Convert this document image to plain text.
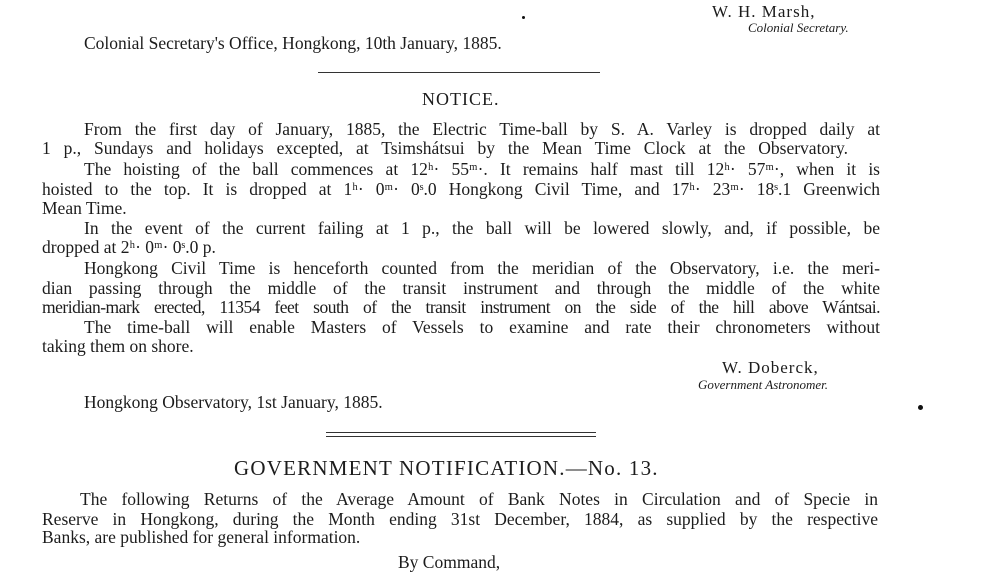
W. H. Marsh,
Colonial Secretary.
Colonial Secretary's Office, Hongkong, 10th January, 1885.
NOTICE.
From the first day of January, 1885, the Electric Time-ball by S. A. Varley is dropped daily at
1 p., Sundays and holidays excepted, at Tsimshátsui by the Mean Time Clock at the Observatory.
The hoisting of the ball commences at 12ʰ· 55ᵐ·. It remains half mast till 12ʰ· 57ᵐ·, when it is
hoisted to the top. It is dropped at 1ʰ· 0ᵐ· 0ˢ.0 Hongkong Civil Time, and 17ʰ· 23ᵐ· 18ˢ.1 Greenwich
Mean Time.
In the event of the current failing at 1 p., the ball will be lowered slowly, and, if possible, be
dropped at 2ʰ· 0ᵐ· 0ˢ.0 p.
Hongkong Civil Time is henceforth counted from the meridian of the Observatory, i.e. the meri-
dian passing through the middle of the transit instrument and through the middle of the white
meridian-mark erected, 11354 feet south of the transit instrument on the side of the hill above Wántsai.
The time-ball will enable Masters of Vessels to examine and rate their chronometers without
taking them on shore.
W. Doberck,
Government Astronomer.
Hongkong Observatory, 1st January, 1885.
GOVERNMENT NOTIFICATION.—No. 13.
The following Returns of the Average Amount of Bank Notes in Circulation and of Specie in
Reserve in Hongkong, during the Month ending 31st December, 1884, as supplied by the respective
Banks, are published for general information.
By Command,
